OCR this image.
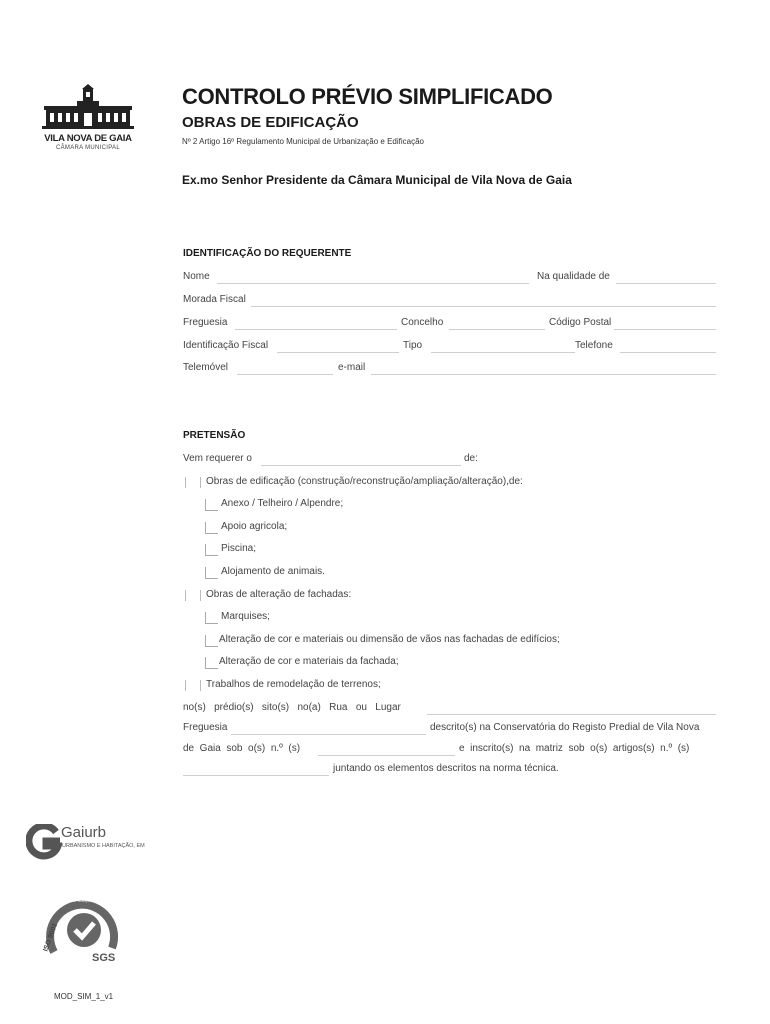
VILA NOVA DE GAIA
CÂMARA MUNICIPAL
CONTROLO PRÉVIO SIMPLIFICADO
OBRAS DE EDIFICAÇÃO
Nº 2 Artigo 16º Regulamento Municipal de Urbanização e Edificação
Ex.mo Senhor Presidente da Câmara Municipal de Vila Nova de Gaia
IDENTIFICAÇÃO DO REQUERENTE
Nome	Na qualidade de
Morada Fiscal
Freguesia	Concelho	Código Postal
Identificação Fiscal	Tipo	Telefone
Telemóvel	e-mail
PRETENSÃO
Vem requerer o	de:
Obras de edificação (construção/reconstrução/ampliação/alteração),de:
Anexo / Telheiro / Alpendre;
Apoio agricola;
Piscina;
Alojamento de animais.
Obras de alteração de fachadas:
Marquises;
Alteração de cor e materiais ou dimensão de vãos nas fachadas de edifícios;
Alteração de cor e materiais da fachada;
Trabalhos de remodelação de terrenos;
no(s)   prédio(s)   sito(s)   no(a)   Rua   ou   Lugar
Freguesia	descrito(s) na Conservatória do Registo Predial de Vila Nova
de  Gaia  sob  o(s)  n.º  (s)	e  inscrito(s)  na  matriz  sob  o(s)  artigos(s)  n.º  (s)
juntando os elementos descritos na norma técnica.
Gaiurb
URBANISMO E HABITAÇÃO, EM
CERTIFICAÇÃO DE SISTEMAS
ISO 9001
SGS
MOD_SIM_1_v1
